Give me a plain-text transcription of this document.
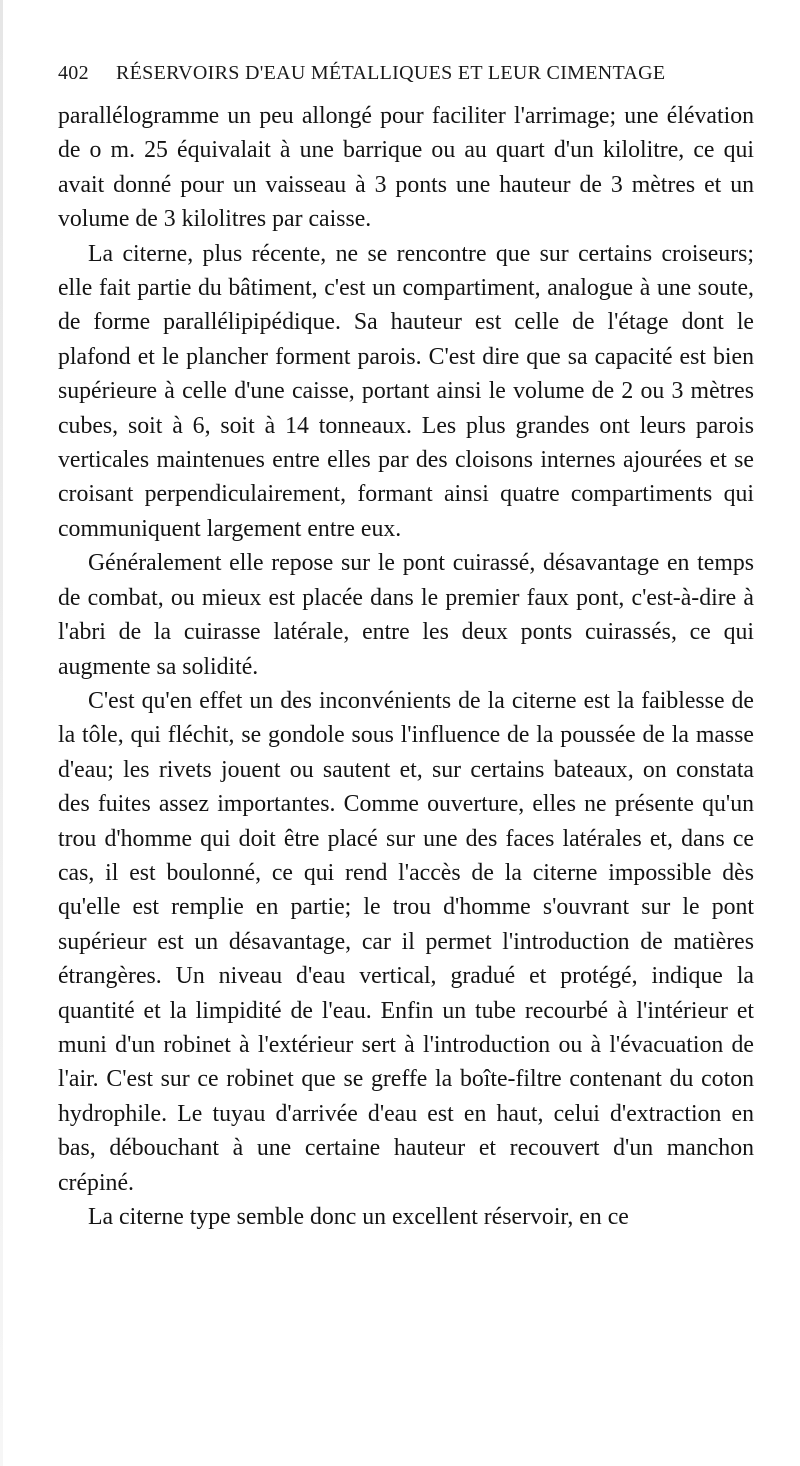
402 RÉSERVOIRS D'EAU MÉTALLIQUES ET LEUR CIMENTAGE

parallélogramme un peu allongé pour faciliter l'arrimage; une élévation de o m. 25 équivalait à une barrique ou au quart d'un kilolitre, ce qui avait donné pour un vaisseau à 3 ponts une hauteur de 3 mètres et un volume de 3 kilolitres par caisse.

La citerne, plus récente, ne se rencontre que sur certains croiseurs; elle fait partie du bâtiment, c'est un compartiment, analogue à une soute, de forme parallélipipédique. Sa hauteur est celle de l'étage dont le plafond et le plancher forment parois. C'est dire que sa capacité est bien supérieure à celle d'une caisse, portant ainsi le volume de 2 ou 3 mètres cubes, soit à 6, soit à 14 tonneaux. Les plus grandes ont leurs parois verticales maintenues entre elles par des cloisons internes ajourées et se croisant perpendiculairement, formant ainsi quatre compartiments qui communiquent largement entre eux.

Généralement elle repose sur le pont cuirassé, désavantage en temps de combat, ou mieux est placée dans le premier faux pont, c'est-à-dire à l'abri de la cuirasse latérale, entre les deux ponts cuirassés, ce qui augmente sa solidité.

C'est qu'en effet un des inconvénients de la citerne est la faiblesse de la tôle, qui fléchit, se gondole sous l'influence de la poussée de la masse d'eau; les rivets jouent ou sautent et, sur certains bateaux, on constata des fuites assez importantes. Comme ouverture, elles ne présente qu'un trou d'homme qui doit être placé sur une des faces latérales et, dans ce cas, il est boulonné, ce qui rend l'accès de la citerne impossible dès qu'elle est remplie en partie; le trou d'homme s'ouvrant sur le pont supérieur est un désavantage, car il permet l'introduction de matières étrangères. Un niveau d'eau vertical, gradué et protégé, indique la quantité et la limpidité de l'eau. Enfin un tube recourbé à l'intérieur et muni d'un robinet à l'extérieur sert à l'introduction ou à l'évacuation de l'air. C'est sur ce robinet que se greffe la boîte-filtre contenant du coton hydrophile. Le tuyau d'arrivée d'eau est en haut, celui d'extraction en bas, débouchant à une certaine hauteur et recouvert d'un manchon crépiné.

La citerne type semble donc un excellent réservoir, en ce
